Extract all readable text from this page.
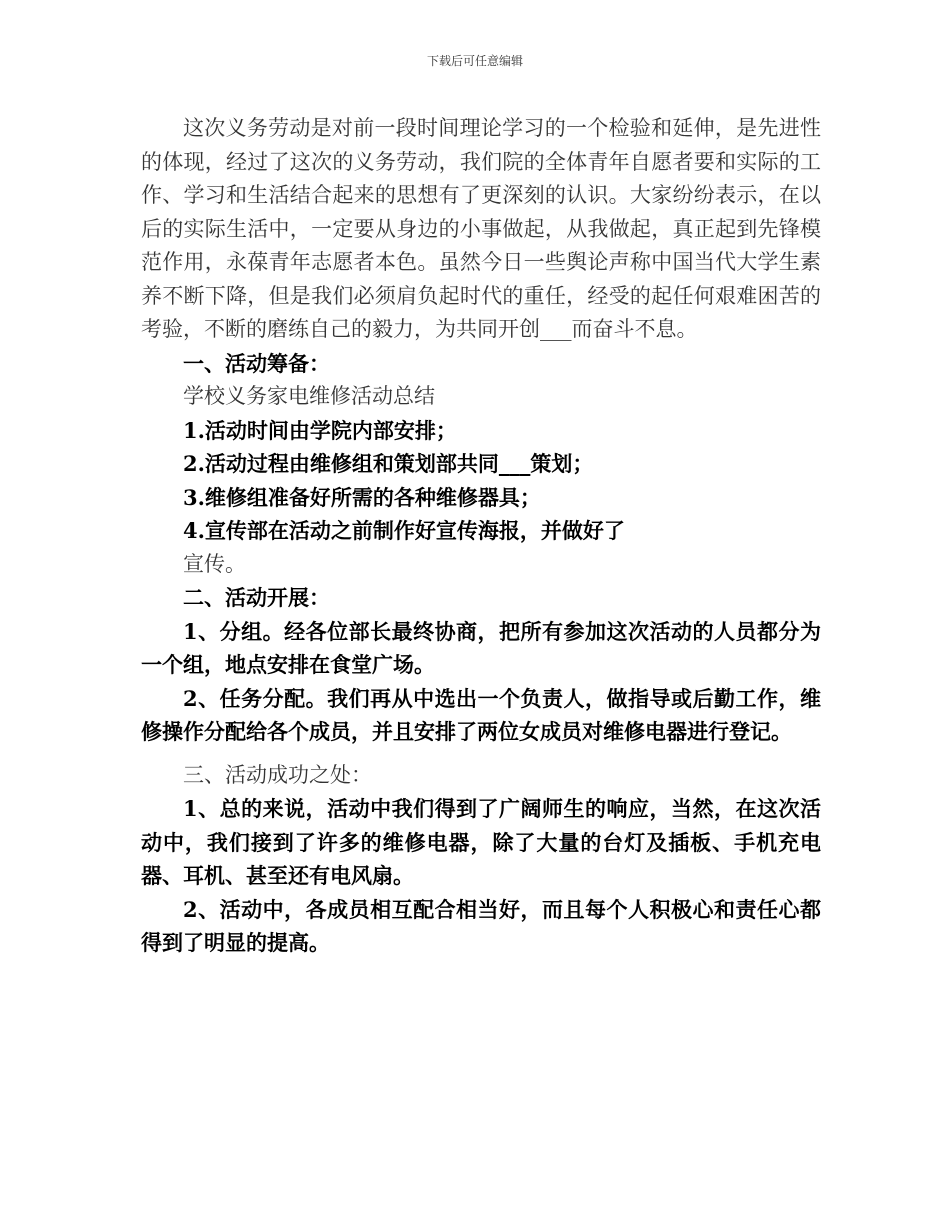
下载后可任意编辑

这次义务劳动是对前一段时间理论学习的一个检验和延伸，是先进性的体现，经过了这次的义务劳动，我们院的全体青年自愿者要和实际的工作、学习和生活结合起来的思想有了更深刻的认识。大家纷纷表示，在以后的实际生活中，一定要从身边的小事做起，从我做起，真正起到先锋模范作用，永葆青年志愿者本色。虽然今日一些舆论声称中国当代大学生素养不断下降，但是我们必须肩负起时代的重任，经受的起任何艰难困苦的考验，不断的磨练自己的毅力，为共同开创___而奋斗不息。

一、活动筹备：

学校义务家电维修活动总结

1.活动时间由学院内部安排；

2.活动过程由维修组和策划部共同___策划；

3.维修组准备好所需的各种维修器具；

4.宣传部在活动之前制作好宣传海报，并做好了

宣传。

二、活动开展：

1、分组。经各位部长最终协商，把所有参加这次活动的人员都分为一个组，地点安排在食堂广场。

2、任务分配。我们再从中选出一个负责人，做指导或后勤工作，维修操作分配给各个成员，并且安排了两位女成员对维修电器进行登记。

三、活动成功之处：

1、总的来说，活动中我们得到了广阔师生的响应，当然，在这次活动中，我们接到了许多的维修电器，除了大量的台灯及插板、手机充电器、耳机、甚至还有电风扇。

2、活动中，各成员相互配合相当好，而且每个人积极心和责任心都得到了明显的提高。
